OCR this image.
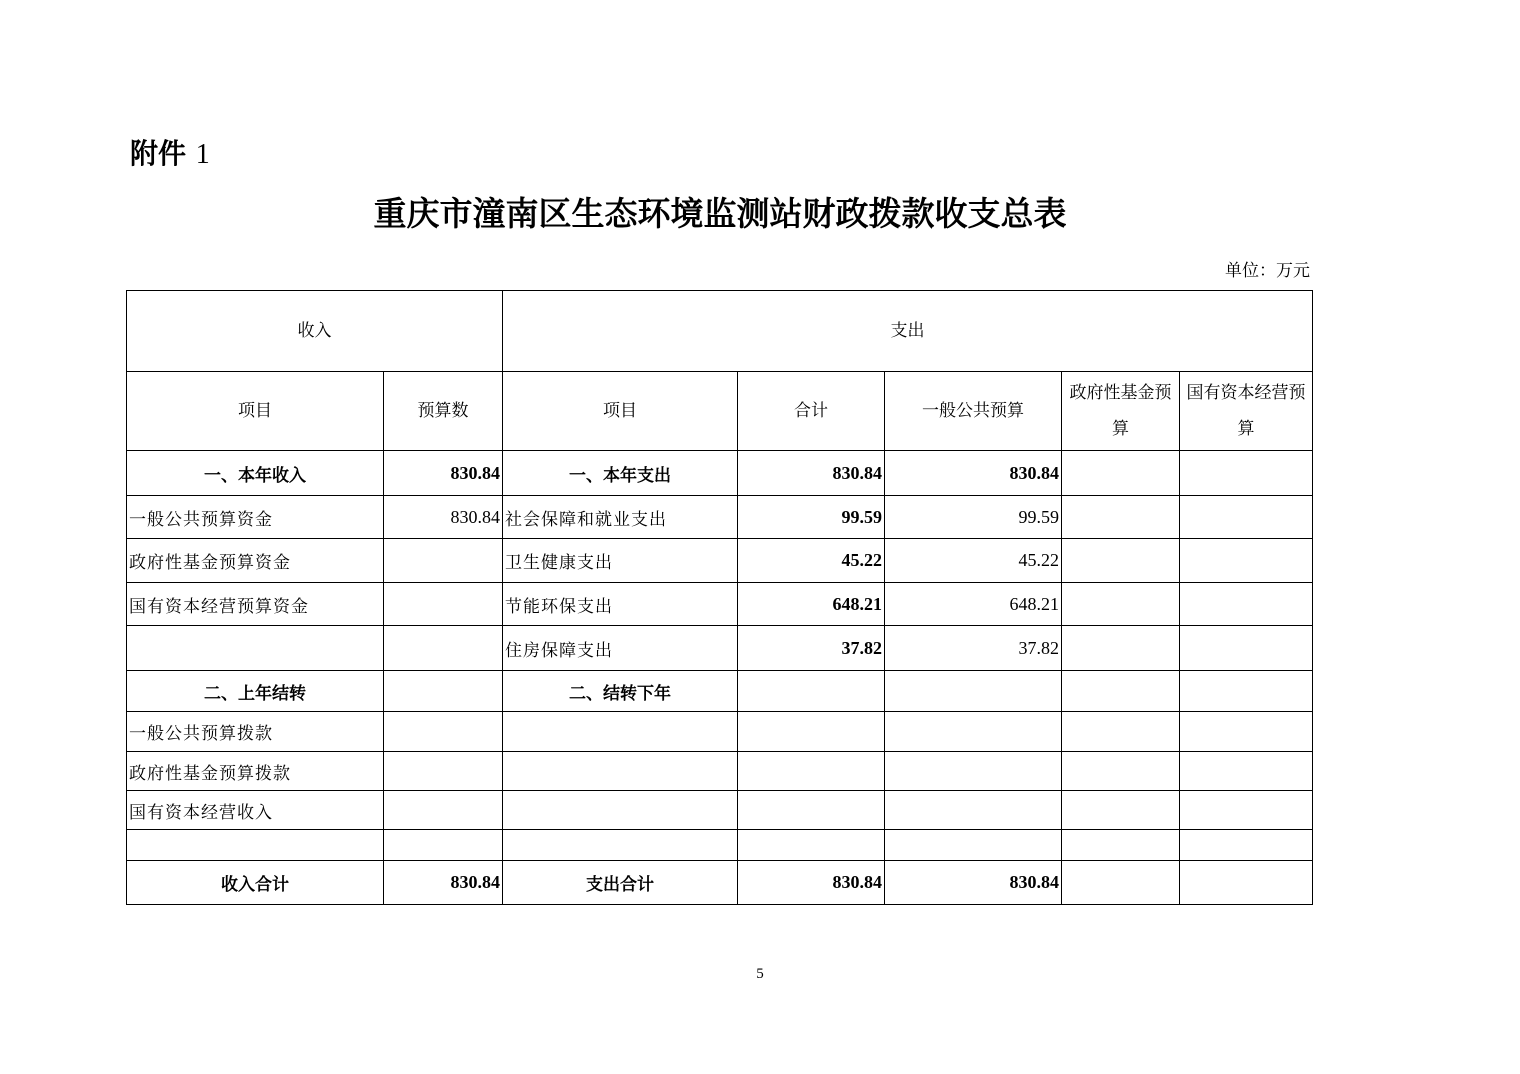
附件 1
重庆市潼南区生态环境监测站财政拨款收支总表
单位：万元
收入		支出				
项目	预算数	项目	合计	一般公共预算	政府性基金预算	国有资本经营预算
一、本年收入	830.84	一、本年支出	830.84	830.84		
一般公共预算资金	830.84	社会保障和就业支出	99.59	99.59		
政府性基金预算资金		卫生健康支出	45.22	45.22		
国有资本经营预算资金		节能环保支出	648.21	648.21		
		住房保障支出	37.82	37.82		
二、上年结转		二、结转下年				
一般公共预算拨款						
政府性基金预算拨款						
国有资本经营收入						

收入合计	830.84	支出合计	830.84	830.84		
5
